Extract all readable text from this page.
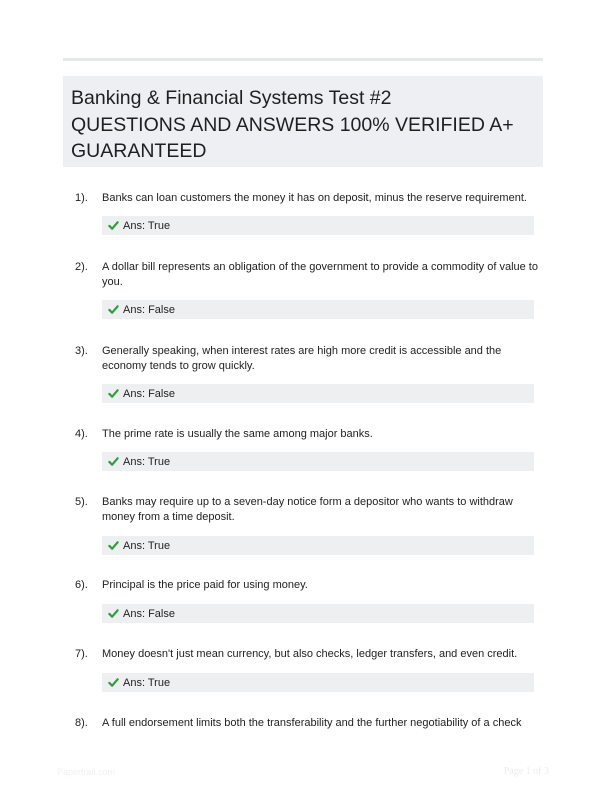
Banking & Financial Systems Test #2
QUESTIONS AND ANSWERS 100% VERIFIED A+
GUARANTEED
1). Banks can loan customers the money it has on deposit, minus the reserve requirement.
Ans: True
2). A dollar bill represents an obligation of the government to provide a commodity of value to you.
Ans: False
3). Generally speaking, when interest rates are high more credit is accessible and the economy tends to grow quickly.
Ans: False
4). The prime rate is usually the same among major banks.
Ans: True
5). Banks may require up to a seven-day notice form a depositor who wants to withdraw money from a time deposit.
Ans: True
6). Principal is the price paid for using money.
Ans: False
7). Money doesn't just mean currency, but also checks, ledger transfers, and even credit.
Ans: True
8). A full endorsement limits both the transferability and the further negotiability of a check
Papertrail.com	Page 1 of 3
